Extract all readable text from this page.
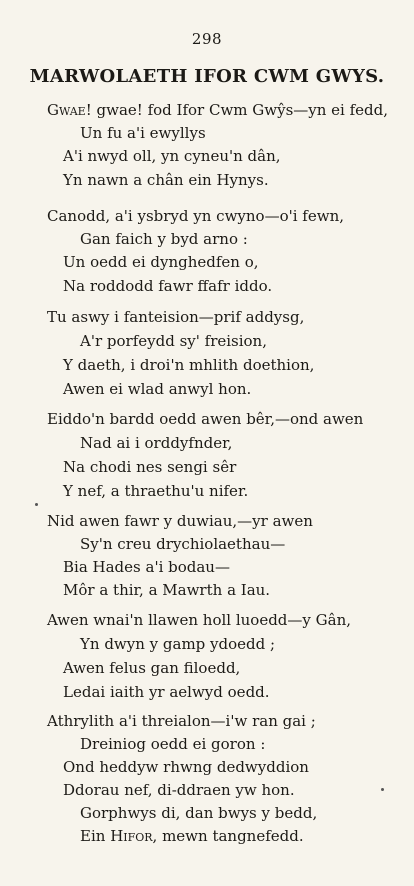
298
MARWOLAETH IFOR CWM GWYS.
Gwae! gwae! fod Ifor Cwm Gwŷs—yn ei fedd,
Un fu a'i ewyllys
A'i nwyd oll, yn cyneu'n dân,
Yn nawn a chân ein Hynys.
Canodd, a'i ysbryd yn cwyno—o'i fewn,
Gan faich y byd arno :
Un oedd ei dynghedfen o,
Na roddodd fawr ffafr iddo.
Tu aswy i fanteision—prif addysg,
A'r porfeydd sy' freision,
Y daeth, i droi'n mhlith doethion,
Awen ei wlad anwyl hon.
Eiddo'n bardd oedd awen bêr,—ond awen
Nad ai i orddyfnder,
Na chodi nes sengi sêr
Y nef, a thraethu'u nifer.
Nid awen fawr y duwiau,—yr awen
Sy'n creu drychiolaethau—
Bia Hades a'i bodau—
Môr a thir, a Mawrth a Iau.
Awen wnai'n llawen holl luoedd—y Gân,
Yn dwyn y gamp ydoedd ;
Awen felus gan filoedd,
Ledai iaith yr aelwyd oedd.
Athrylith a'i threialon—i'w ran gai ;
Dreiniog oedd ei goron :
Ond heddyw rhwng dedwyddion
Ddorau nef, di-ddraen yw hon.
Gorphwys di, dan bwys y bedd,
Ein Hifor, mewn tangnefedd.
